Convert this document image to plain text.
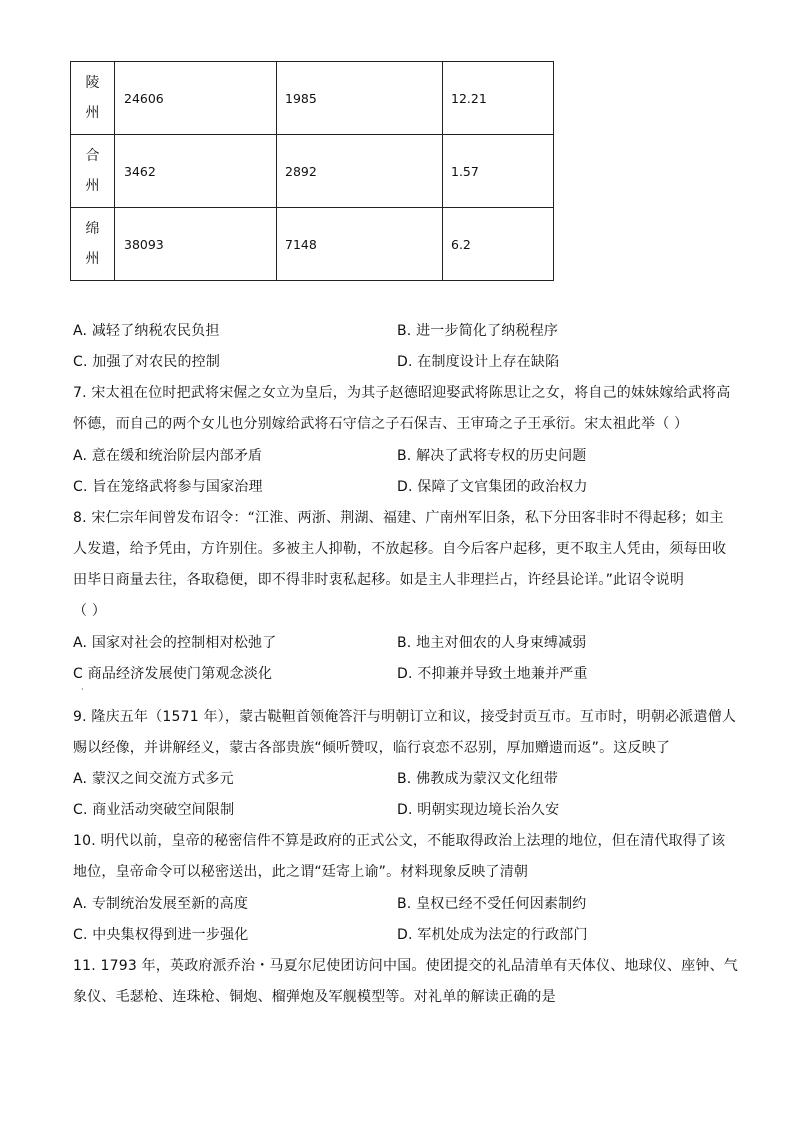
陵
州	24606	1985	12.21

合
州	3462	2892	1.57

绵
州	38093	7148	6.2
A. 减轻了纳税农民负担	B. 进一步简化了纳税程序
C. 加强了对农民的控制	D. 在制度设计上存在缺陷
7. 宋太祖在位时把武将宋偓之女立为皇后，为其子赵德昭迎娶武将陈思让之女，将自己的妹妹嫁给武将高
怀德，而自己的两个女儿也分别嫁给武将石守信之子石保吉、王审琦之子王承衍。宋太祖此举（ ）
A. 意在缓和统治阶层内部矛盾	B. 解决了武将专权的历史问题
C. 旨在笼络武将参与国家治理	D. 保障了文官集团的政治权力
8. 宋仁宗年间曾发布诏令：“江淮、两浙、荆湖、福建、广南州军旧条，私下分田客非时不得起移；如主
人发遣，给予凭由，方许别住。多被主人抑勒，不放起移。自今后客户起移，更不取主人凭由，须每田收
田毕日商量去往，各取稳便，即不得非时衷私起移。如是主人非理拦占，许经县论详。”此诏令说明
（ ）
A. 国家对社会的控制相对松弛了	B. 地主对佃农的人身束缚减弱
C 商品经济发展使门第观念淡化	D. 不抑兼并导致土地兼并严重
·
9. 隆庆五年（1571 年），蒙古鞑靼首领俺答汗与明朝订立和议，接受封贡互市。互市时，明朝必派遣僧人
赐以经像，并讲解经义，蒙古各部贵族“倾听赞叹，临行哀恋不忍别，厚加赠遗而返”。这反映了
A. 蒙汉之间交流方式多元	B. 佛教成为蒙汉文化纽带
C. 商业活动突破空间限制	D. 明朝实现边境长治久安
10. 明代以前，皇帝的秘密信件不算是政府的正式公文，不能取得政治上法理的地位，但在清代取得了该
地位，皇帝命令可以秘密送出，此之谓“廷寄上谕”。材料现象反映了清朝
A. 专制统治发展至新的高度	B. 皇权已经不受任何因素制约
C. 中央集权得到进一步强化	D. 军机处成为法定的行政部门
11. 1793 年，英政府派乔治・马夏尔尼使团访问中国。使团提交的礼品清单有天体仪、地球仪、座钟、气
象仪、毛瑟枪、连珠枪、铜炮、榴弹炮及军舰模型等。对礼单的解读正确的是
